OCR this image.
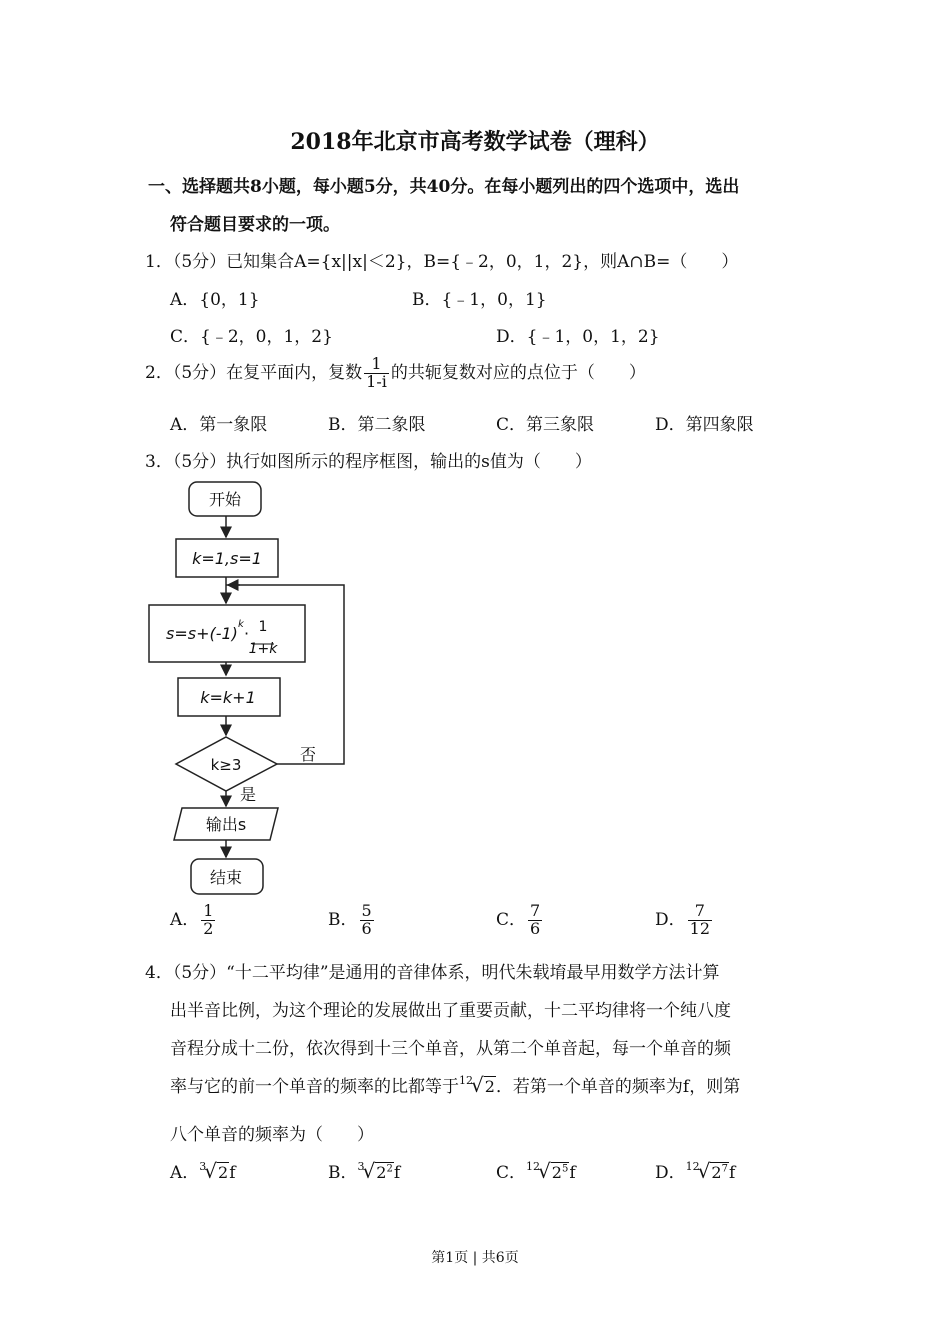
2018年北京市高考数学试卷（理科）
一、选择题共8小题，每小题5分，共40分。在每小题列出的四个选项中，选出
符合题目要求的一项。
1．（5分）已知集合A={x||x|＜2}，B={﹣2，0，1，2}，则A∩B=（　　）
A．{0，1}	B．{﹣1，0，1}
C．{﹣2，0，1，2}	D．{﹣1，0，1，2}
2．（5分）在复平面内，复数 $\frac{1}{1-i}$ 的共轭复数对应的点位于（　　）
A．第一象限	B．第二象限	C．第三象限	D．第四象限
3．（5分）执行如图所示的程序框图，输出的s值为（　　）
开始
k=1,s=1
s=s+(-1) k · 1
1+k
k=k+1
k≥3
否
是
输出s
结束
A． $\frac{1}{2}$	B． $\frac{5}{6}$	C． $\frac{7}{6}$	D． $\frac{7}{12}$
4．（5分）“十二平均律”是通用的音律体系，明代朱载堉最早用数学方法计算
出半音比例，为这个理论的发展做出了重要贡献，十二平均律将一个纯八度
音程分成十二份，依次得到十三个单音，从第二个单音起，每一个单音的频
率与它的前一个单音的频率的比都等于$^{12}$√2．若第一个单音的频率为f，则第
八个单音的频率为（　　）
A．$^3$√2f	B．$^3√2^2f$	C．$^{12}√2^5f$	D．$^{12}√2^7f$
第1页 | 共6页
